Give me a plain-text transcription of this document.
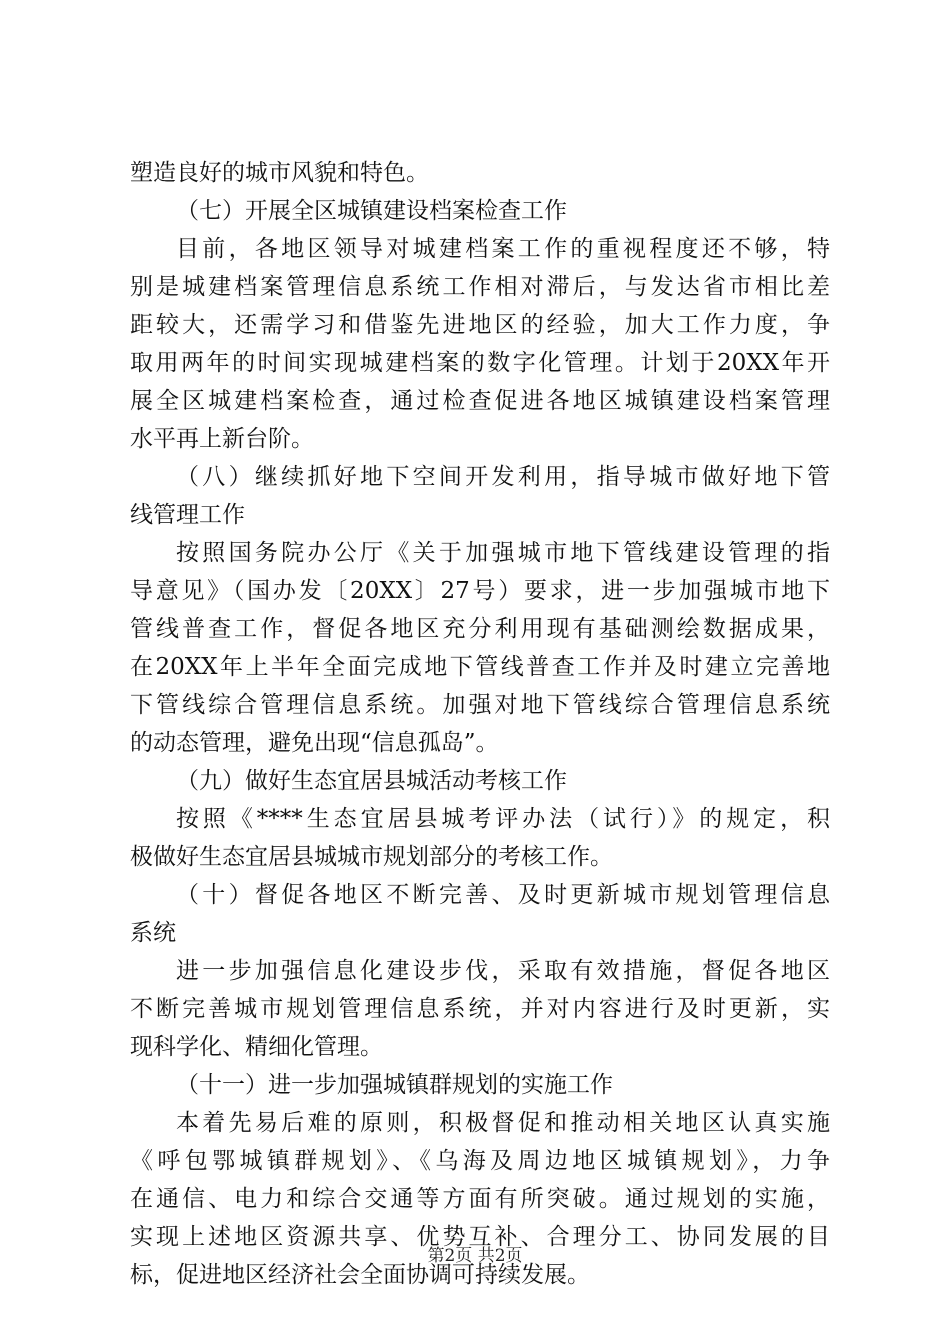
塑造良好的城市风貌和特色。
（七）开展全区城镇建设档案检查工作
目前，各地区领导对城建档案工作的重视程度还不够，特
别是城建档案管理信息系统工作相对滞后，与发达省市相比差
距较大，还需学习和借鉴先进地区的经验，加大工作力度，争
取用两年的时间实现城建档案的数字化管理。计划于20XX年开
展全区城建档案检查，通过检查促进各地区城镇建设档案管理
水平再上新台阶。
（八）继续抓好地下空间开发利用，指导城市做好地下管
线管理工作
按照国务院办公厅《关于加强城市地下管线建设管理的指
导意见》（国办发〔20XX〕27号）要求，进一步加强城市地下
管线普查工作，督促各地区充分利用现有基础测绘数据成果，
在20XX年上半年全面完成地下管线普查工作并及时建立完善地
下管线综合管理信息系统。加强对地下管线综合管理信息系统
的动态管理，避免出现“信息孤岛”。
（九）做好生态宜居县城活动考核工作
按照《****生态宜居县城考评办法（试行）》的规定，积
极做好生态宜居县城城市规划部分的考核工作。
（十）督促各地区不断完善、及时更新城市规划管理信息
系统
进一步加强信息化建设步伐，采取有效措施，督促各地区
不断完善城市规划管理信息系统，并对内容进行及时更新，实
现科学化、精细化管理。
（十一）进一步加强城镇群规划的实施工作
本着先易后难的原则，积极督促和推动相关地区认真实施
《呼包鄂城镇群规划》、《乌海及周边地区城镇规划》，力争
在通信、电力和综合交通等方面有所突破。通过规划的实施，
实现上述地区资源共享、优势互补、合理分工、协同发展的目
标，促进地区经济社会全面协调可持续发展。
第2页 共2页
